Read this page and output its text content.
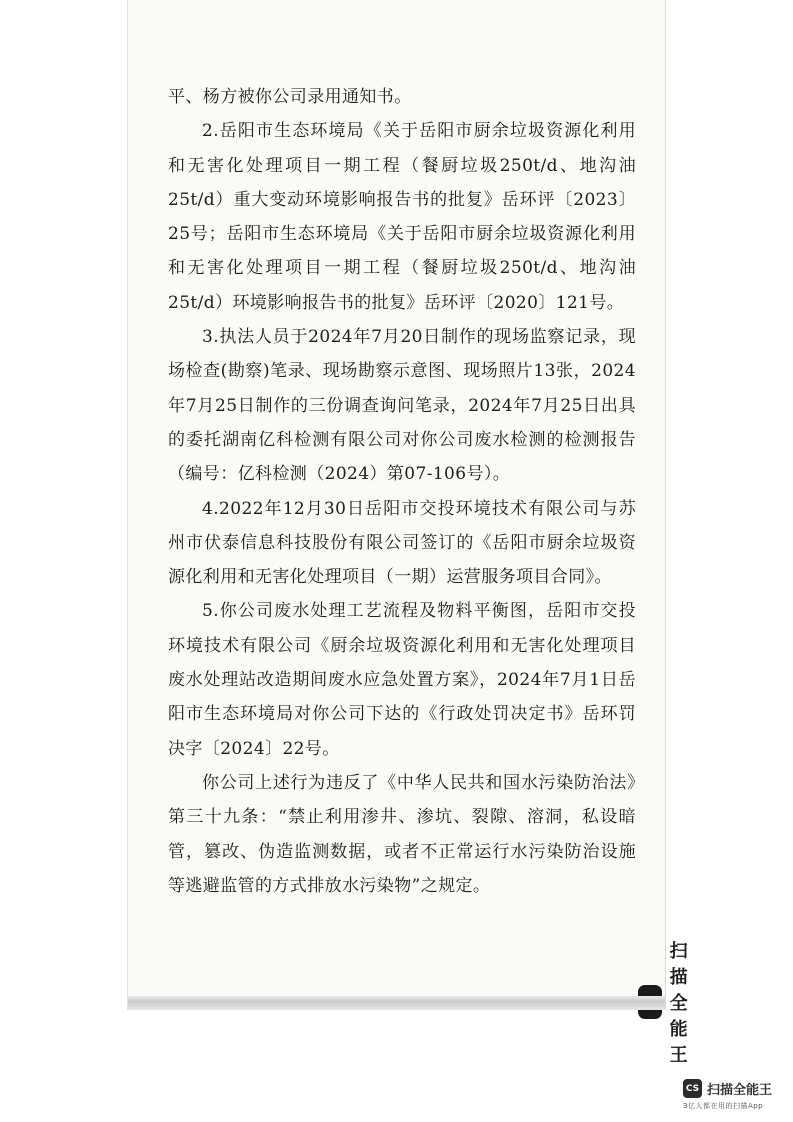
平、杨方被你公司录用通知书。

2.岳阳市生态环境局《关于岳阳市厨余垃圾资源化利用和无害化处理项目一期工程（餐厨垃圾250t/d、地沟油25t/d）重大变动环境影响报告书的批复》岳环评〔2023〕25号；岳阳市生态环境局《关于岳阳市厨余垃圾资源化利用和无害化处理项目一期工程（餐厨垃圾250t/d、地沟油25t/d）环境影响报告书的批复》岳环评〔2020〕121号。

3.执法人员于2024年7月20日制作的现场监察记录，现场检查(勘察)笔录、现场勘察示意图、现场照片13张，2024年7月25日制作的三份调查询问笔录，2024年7月25日出具的委托湖南亿科检测有限公司对你公司废水检测的检测报告（编号：亿科检测（2024）第07-106号）。

4.2022年12月30日岳阳市交投环境技术有限公司与苏州市伏泰信息科技股份有限公司签订的《岳阳市厨余垃圾资源化利用和无害化处理项目（一期）运营服务项目合同》。

5.你公司废水处理工艺流程及物料平衡图，岳阳市交投环境技术有限公司《厨余垃圾资源化利用和无害化处理项目废水处理站改造期间废水应急处置方案》，2024年7月1日岳阳市生态环境局对你公司下达的《行政处罚决定书》岳环罚决字〔2024〕22号。

你公司上述行为违反了《中华人民共和国水污染防治法》第三十九条：“禁止利用渗井、渗坑、裂隙、溶洞，私设暗管，篡改、伪造监测数据，或者不正常运行水污染防治设施等逃避监管的方式排放水污染物”之规定。

扫描全能王
CS 扫描全能王
3亿人都在用的扫描App
